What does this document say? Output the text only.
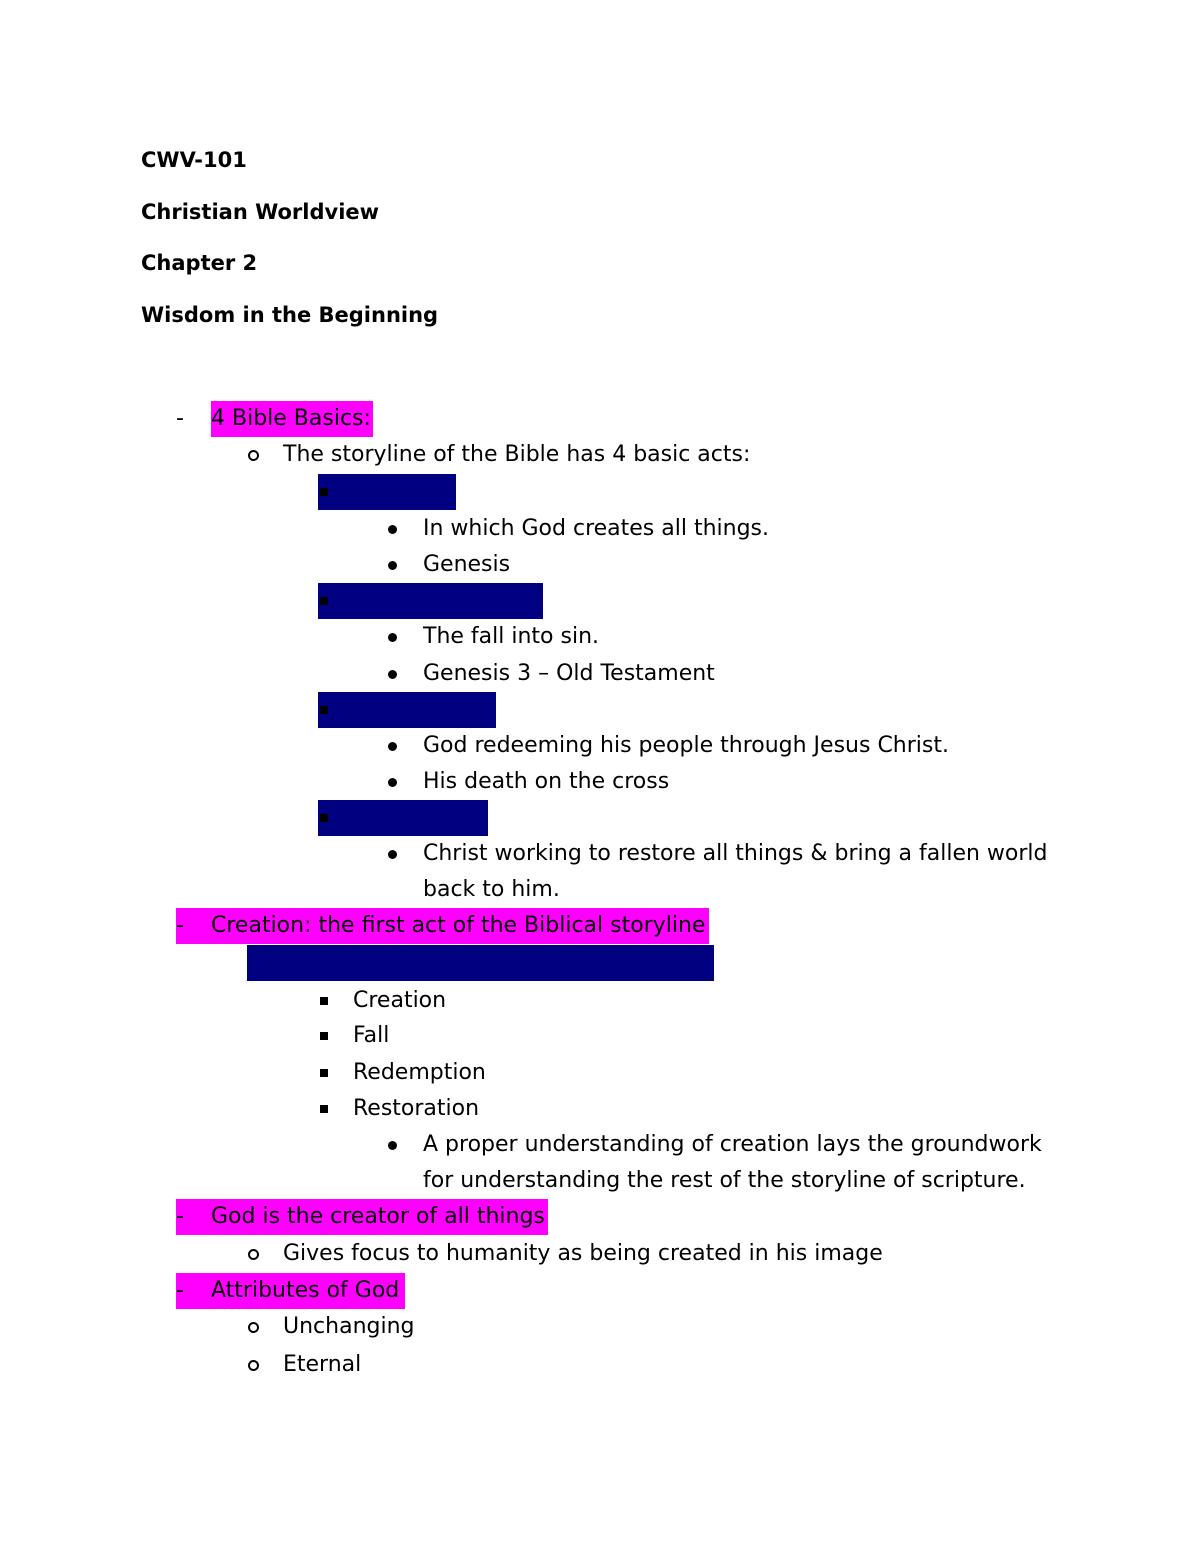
CWV-101
Christian Worldview
Chapter 2
Wisdom in the Beginning
- 4 Bible Basics:
The storyline of the Bible has 4 basic acts:
Creation:
In which God creates all things.
Genesis
Fall of Humanity:
The fall into sin.
Genesis 3 – Old Testament
Redemption:
God redeeming his people through Jesus Christ.
His death on the cross
Restoration:
Christ working to restore all things & bring a fallen world
back to him.
- Creation: the first act of the Biblical storyline
The story of the bible unfolds in 4 acts:
Creation
Fall
Redemption
Restoration
A proper understanding of creation lays the groundwork
for understanding the rest of the storyline of scripture.
- God is the creator of all things
Gives focus to humanity as being created in his image
- Attributes of God
Unchanging
Eternal
